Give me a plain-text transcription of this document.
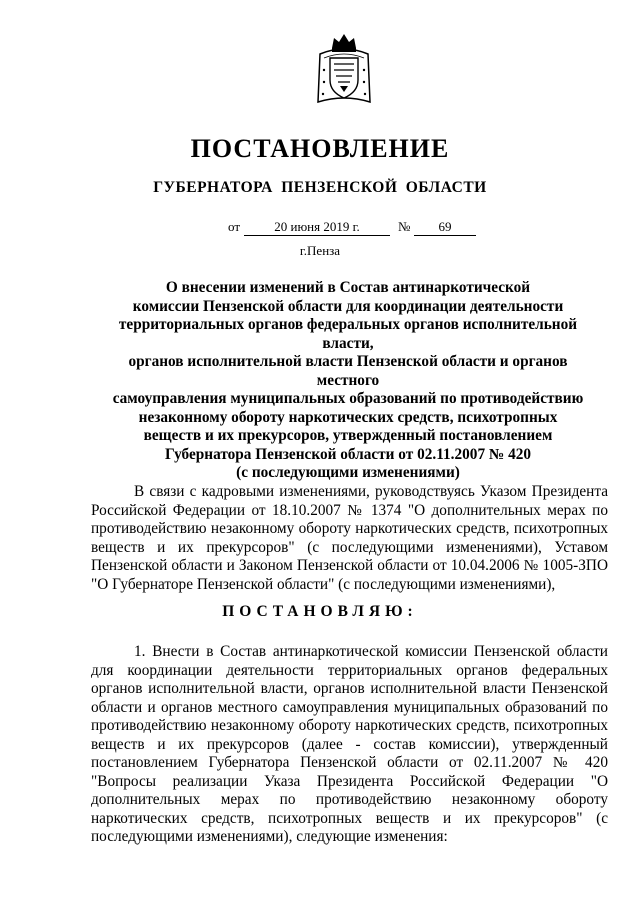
ПОСТАНОВЛЕНИЕ
ГУБЕРНАТОРА ПЕНЗЕНСКОЙ ОБЛАСТИ
от	20 июня 2019 г.	№	69
г.Пенза
О внесении изменений в Состав антинаркотической
комиссии Пензенской области для координации деятельности
территориальных органов федеральных органов исполнительной власти,
органов исполнительной власти Пензенской области и органов местного
самоуправления муниципальных образований по противодействию
незаконному обороту наркотических средств, психотропных
веществ и их прекурсоров, утвержденный постановлением
Губернатора Пензенской области от 02.11.2007 № 420
(с последующими изменениями)
В связи с кадровыми изменениями, руководствуясь Указом Президента Российской Федерации от 18.10.2007 № 1374 "О дополнительных мерах по противодействию незаконному обороту наркотических средств, психотропных веществ и их прекурсоров" (с последующими изменениями), Уставом Пензенской области и Законом Пензенской области от 10.04.2006 № 1005-ЗПО "О Губернаторе Пензенской области" (с последующими изменениями),
ПОСТАНОВЛЯЮ:
1. Внести в Состав антинаркотической комиссии Пензенской области для координации деятельности территориальных органов федеральных органов исполнительной власти, органов исполнительной власти Пензенской области и органов местного самоуправления муниципальных образований по противодействию незаконному обороту наркотических средств, психотропных веществ и их прекурсоров (далее - состав комиссии), утвержденный постановлением Губернатора Пензенской области от 02.11.2007 № 420 "Вопросы реализации Указа Президента Российской Федерации "О дополнительных мерах по противодействию незаконному обороту наркотических средств, психотропных веществ и их прекурсоров" (с последующими изменениями), следующие изменения:
